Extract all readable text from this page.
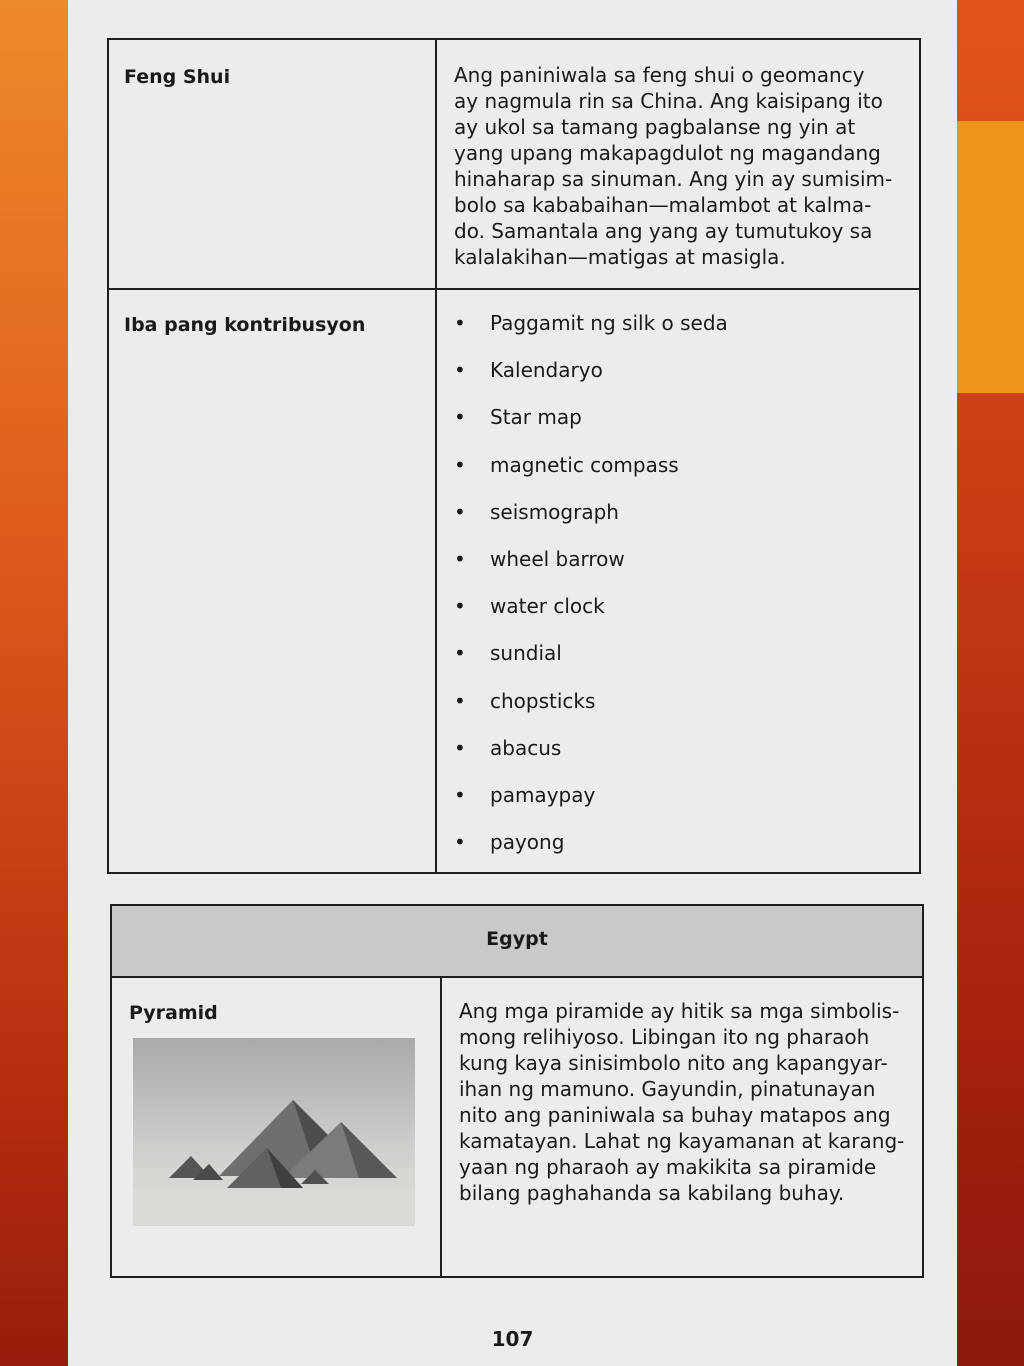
Feng Shui	Ang paniniwala sa feng shui o geomancy
ay nagmula rin sa China. Ang kaisipang ito
ay ukol sa tamang pagbalanse ng yin at
yang upang makapagdulot ng magandang
hinaharap sa sinuman. Ang yin ay sumisim-
bolo sa kababaihan—malambot at kalma-
do. Samantala ang yang ay tumutukoy sa
kalalakihan—matigas at masigla.
Iba pang kontribusyon	• Paggamit ng silk o seda
• Kalendaryo
• Star map
• magnetic compass
• seismograph
• wheel barrow
• water clock
• sundial
• chopsticks
• abacus
• pamaypay
• payong
Egypt
Pyramid	Ang mga piramide ay hitik sa mga simbolis-
mong relihiyoso. Libingan ito ng pharaoh
kung kaya sinisimbolo nito ang kapangyar-
ihan ng mamuno. Gayundin, pinatunayan
nito ang paniniwala sa buhay matapos ang
kamatayan. Lahat ng kayamanan at karang-
yaan ng pharaoh ay makikita sa piramide
bilang paghahanda sa kabilang buhay.
107
